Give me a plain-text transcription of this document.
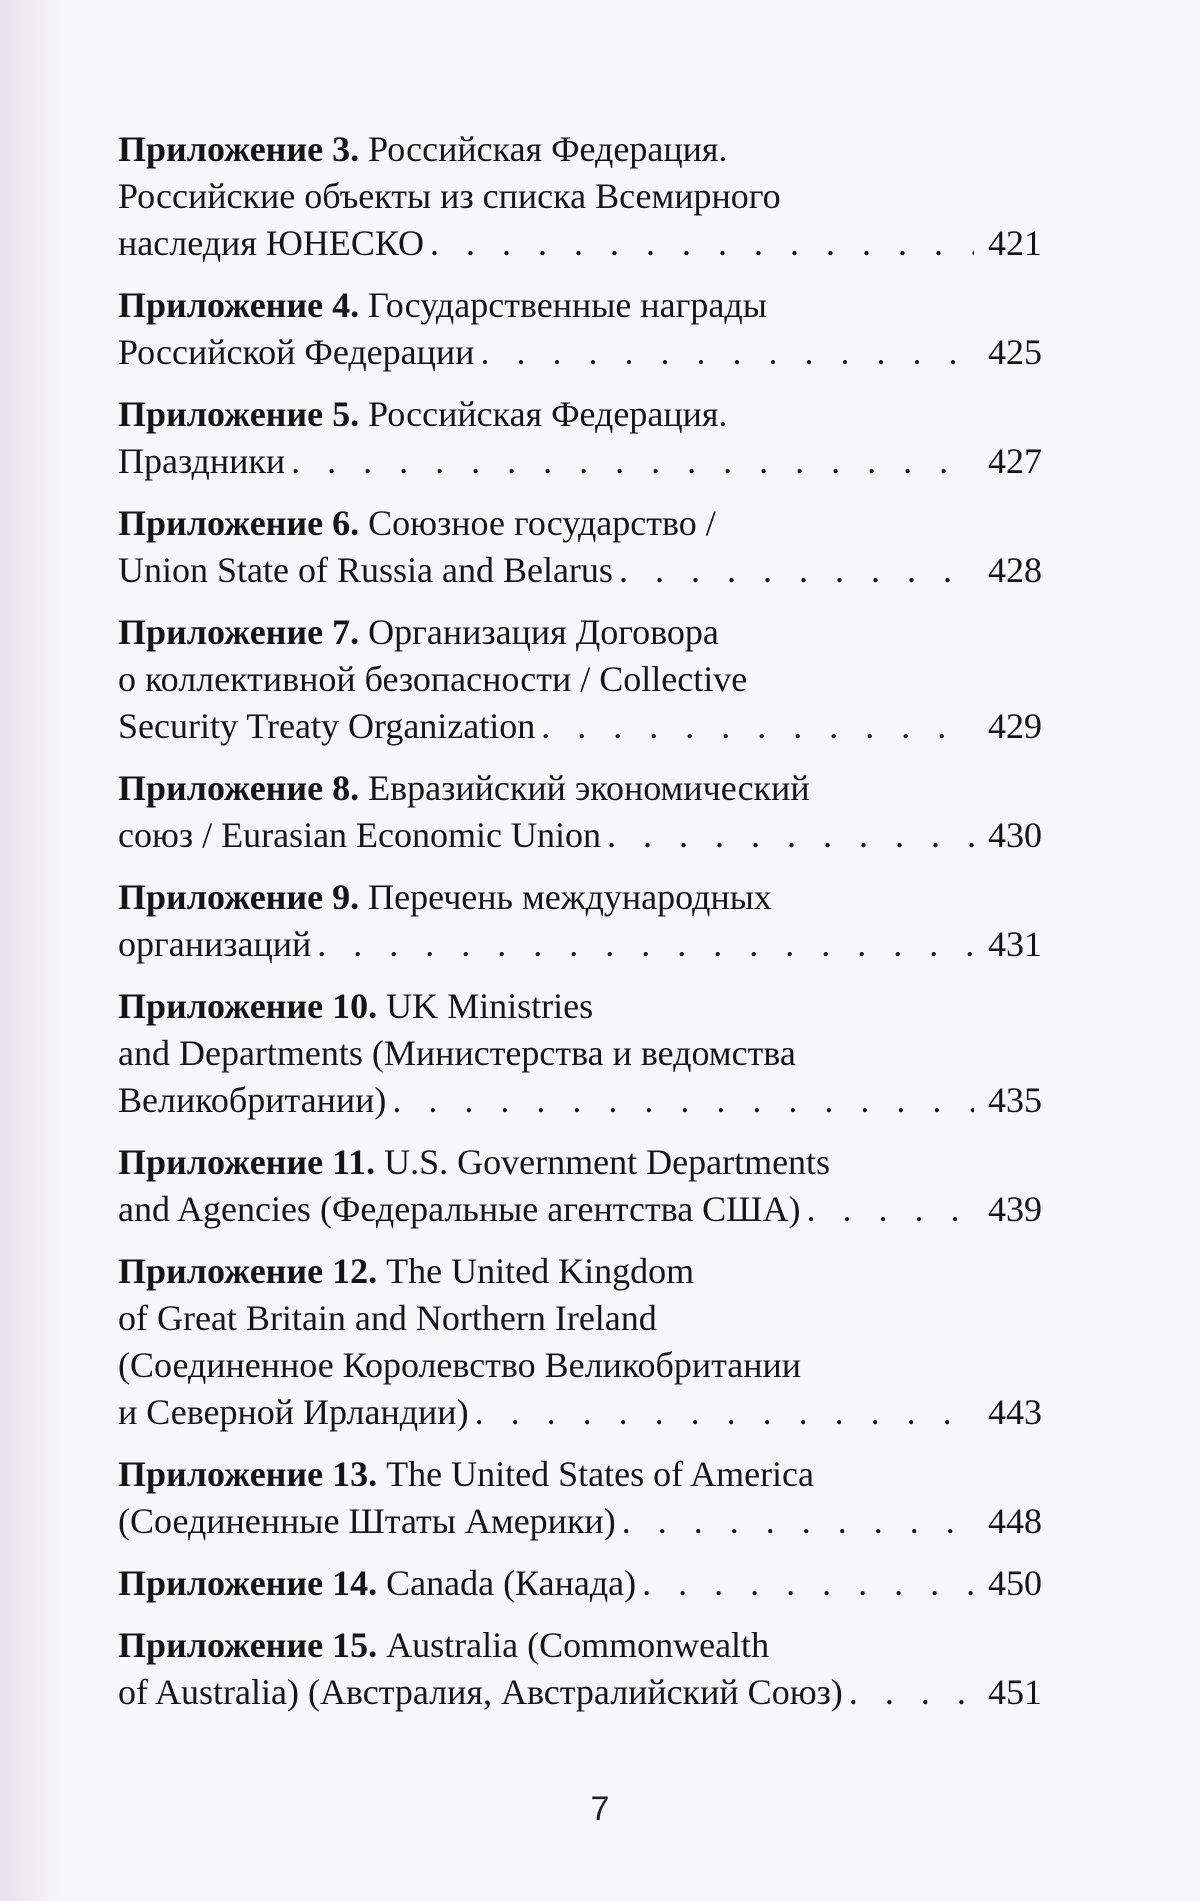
Приложение 3. Российская Федерация.
Российские объекты из списка Всемирного
наследия ЮНЕСКО . . .	421
Приложение 4. Государственные награды
Российской Федерации . . .	425
Приложение 5. Российская Федерация.
Праздники . . .	427
Приложение 6. Союзное государство /
Union State of Russia and Belarus . . .	428
Приложение 7. Организация Договора
о коллективной безопасности / Collective
Security Treaty Organization . . .	429
Приложение 8. Евразийский экономический
союз / Eurasian Economic Union . . .	430
Приложение 9. Перечень международных
организаций . . .	431
Приложение 10. UK Ministries
and Departments (Министерства и ведомства
Великобритании) . . .	435
Приложение 11. U.S. Government Departments
and Agencies (Федеральные агентства США) . . .	439
Приложение 12. The United Kingdom
of Great Britain and Northern Ireland
(Соединенное Королевство Великобритании
и Северной Ирландии) . . .	443
Приложение 13. The United States of America
(Соединенные Штаты Америки) . . .	448
Приложение 14. Canada (Канада) . . .	450
Приложение 15. Australia (Commonwealth
of Australia) (Австралия, Австралийский Союз) . . .	451
7
